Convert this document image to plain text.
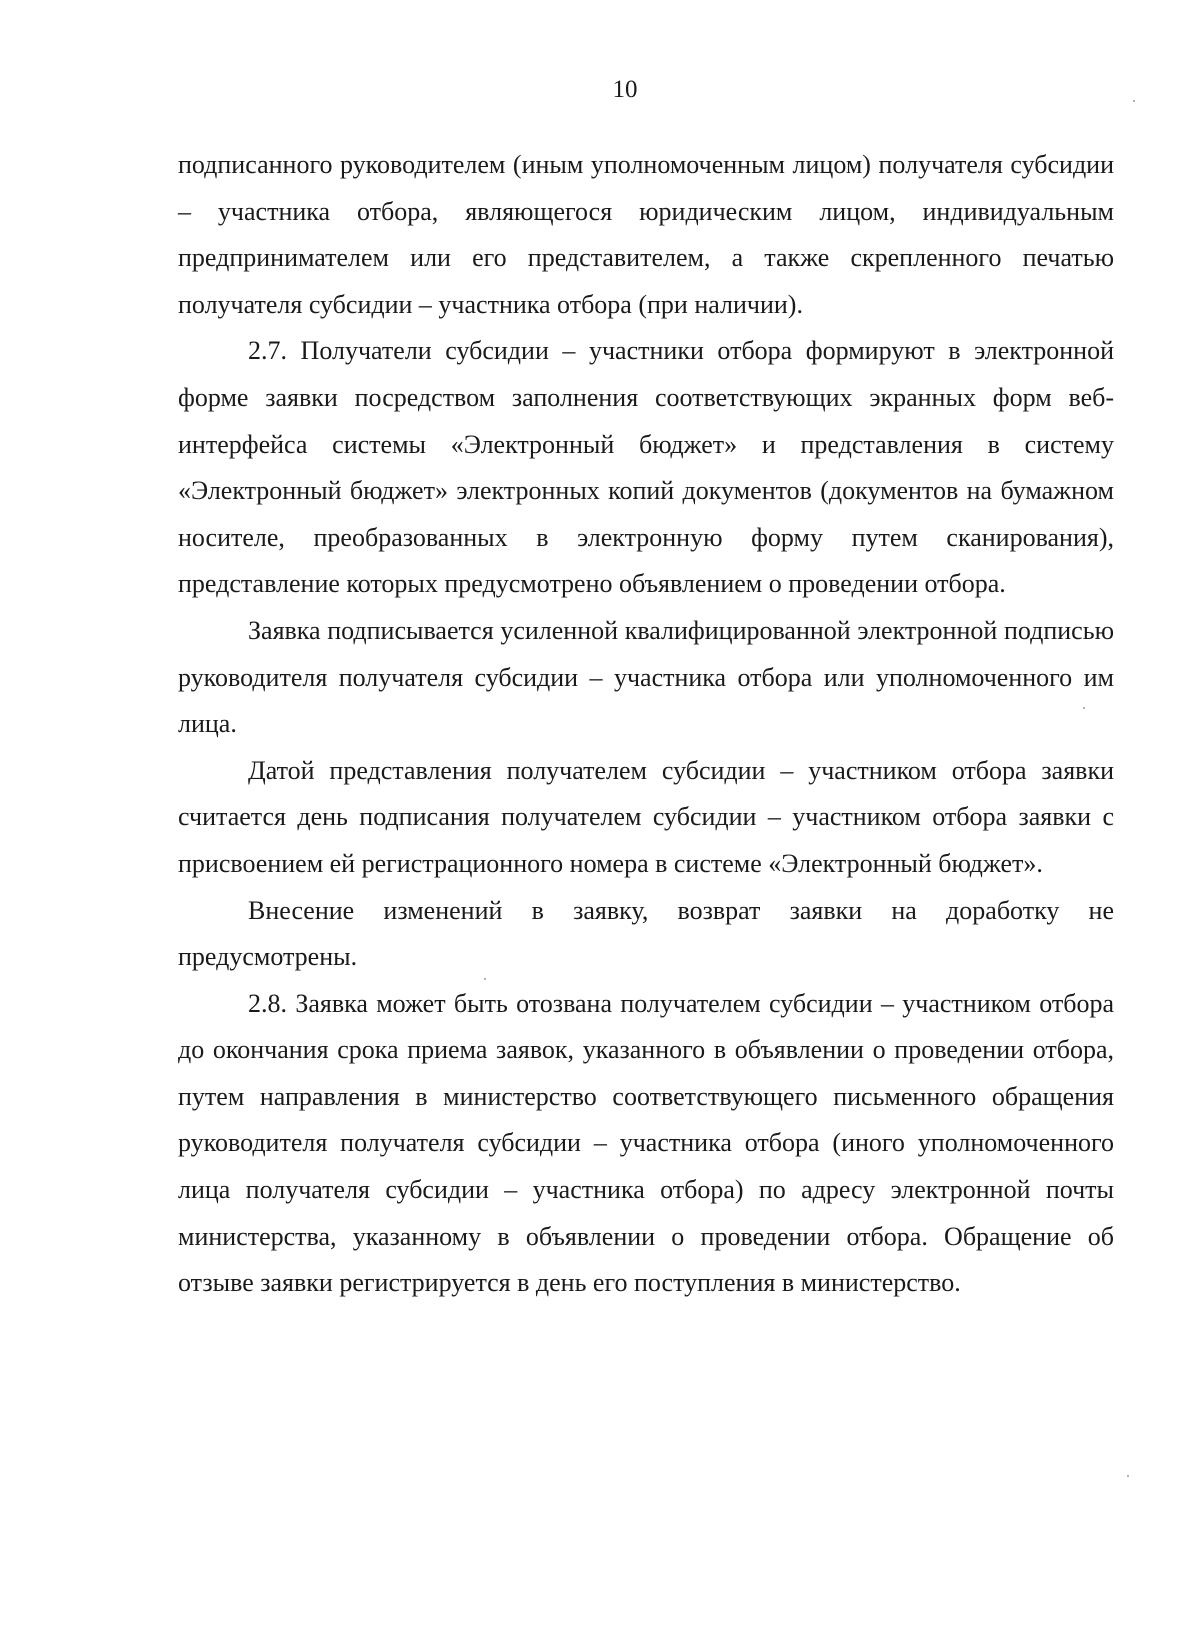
10

подписанного руководителем (иным уполномоченным лицом) получателя субсидии – участника отбора, являющегося юридическим лицом, индивидуальным предпринимателем или его представителем, а также скрепленного печатью получателя субсидии – участника отбора (при наличии).

2.7. Получатели субсидии – участники отбора формируют в электронной форме заявки посредством заполнения соответствующих экранных форм веб-интерфейса системы «Электронный бюджет» и представления в систему «Электронный бюджет» электронных копий документов (документов на бумажном носителе, преобразованных в электронную форму путем сканирования), представление которых предусмотрено объявлением о проведении отбора.

Заявка подписывается усиленной квалифицированной электронной подписью руководителя получателя субсидии – участника отбора или уполномоченного им лица.

Датой представления получателем субсидии – участником отбора заявки считается день подписания получателем субсидии – участником отбора заявки с присвоением ей регистрационного номера в системе «Электронный бюджет».

Внесение изменений в заявку, возврат заявки на доработку не предусмотрены.

2.8. Заявка может быть отозвана получателем субсидии – участником отбора до окончания срока приема заявок, указанного в объявлении о проведении отбора, путем направления в министерство соответствующего письменного обращения руководителя получателя субсидии – участника отбора (иного уполномоченного лица получателя субсидии – участника отбора) по адресу электронной почты министерства, указанному в объявлении о проведении отбора. Обращение об отзыве заявки регистрируется в день его поступления в министерство.
